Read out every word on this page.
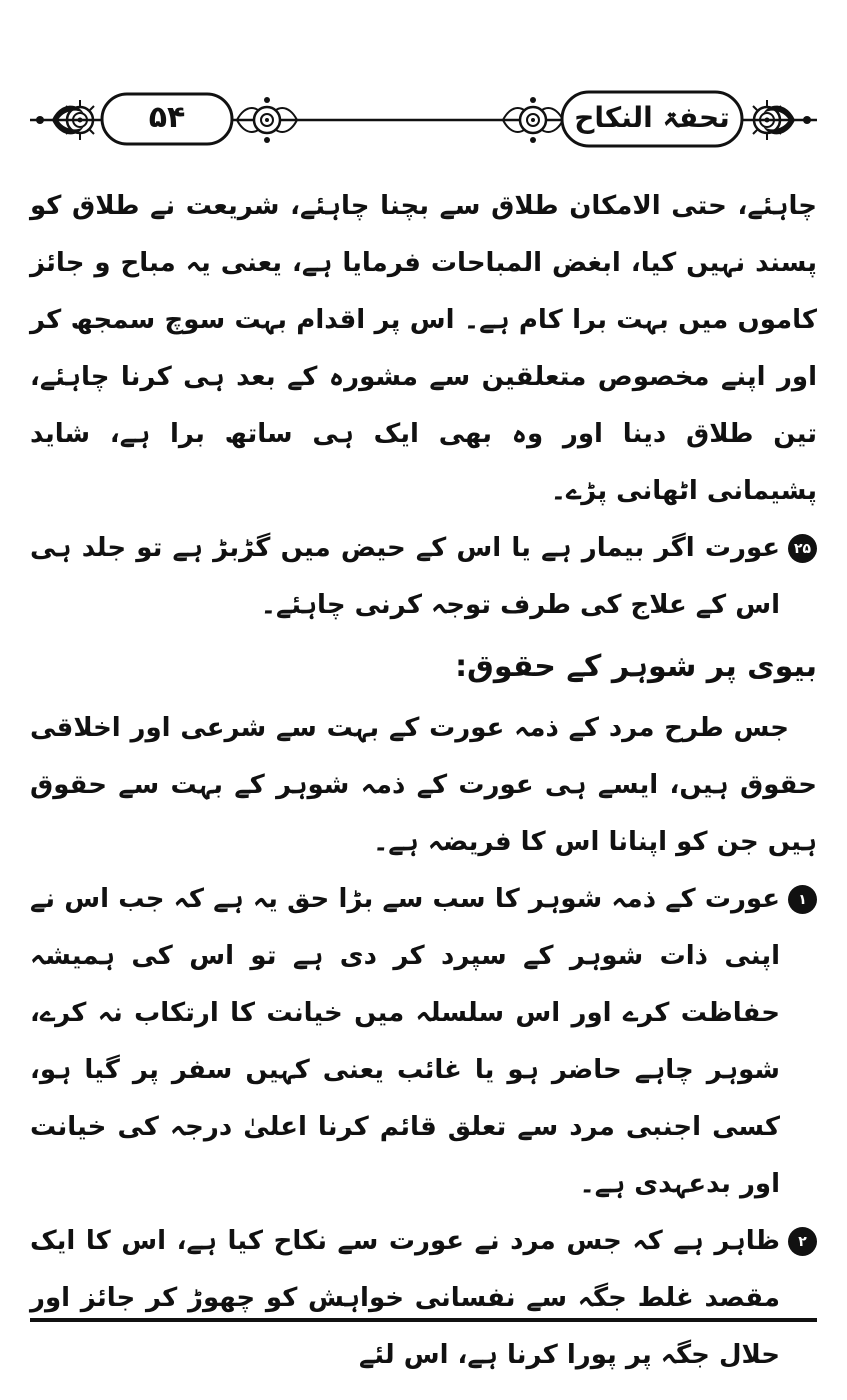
۵۴	تحفۃ النکاح

چاہئے، حتی الامکان طلاق سے بچنا چاہئے، شریعت نے طلاق کو پسند نہیں کیا، ابغض المباحات فرمایا ہے، یعنی یہ مباح و جائز کاموں میں بہت برا کام ہے۔ اس پر اقدام بہت سوچ سمجھ کر اور اپنے مخصوص متعلقین سے مشورہ کے بعد ہی کرنا چاہئے، تین طلاق دینا اور وہ بھی ایک ہی ساتھ برا ہے، شاید پشیمانی اٹھانی پڑے۔

۲۵
عورت اگر بیمار ہے یا اس کے حیض میں گڑبڑ ہے تو جلد ہی اس کے علاج کی طرف توجہ کرنی چاہئے۔
بیوی پر شوہر کے حقوق:

جس طرح مرد کے ذمہ عورت کے بہت سے شرعی اور اخلاقی حقوق ہیں، ایسے ہی عورت کے ذمہ شوہر کے بہت سے حقوق ہیں جن کو اپنانا اس کا فریضہ ہے۔

۱
عورت کے ذمہ شوہر کا سب سے بڑا حق یہ ہے کہ جب اس نے اپنی ذات شوہر کے سپرد کر دی ہے تو اس کی ہمیشہ حفاظت کرے اور اس سلسلہ میں خیانت کا ارتکاب نہ کرے، شوہر چاہے حاضر ہو یا غائب یعنی کہیں سفر پر گیا ہو، کسی اجنبی مرد سے تعلق قائم کرنا اعلیٰ درجہ کی خیانت اور بدعہدی ہے۔
۲
ظاہر ہے کہ جس مرد نے عورت سے نکاح کیا ہے، اس کا ایک مقصد غلط جگہ سے نفسانی خواہش کو چھوڑ کر جائز اور حلال جگہ پر پورا کرنا ہے، اس لئے
